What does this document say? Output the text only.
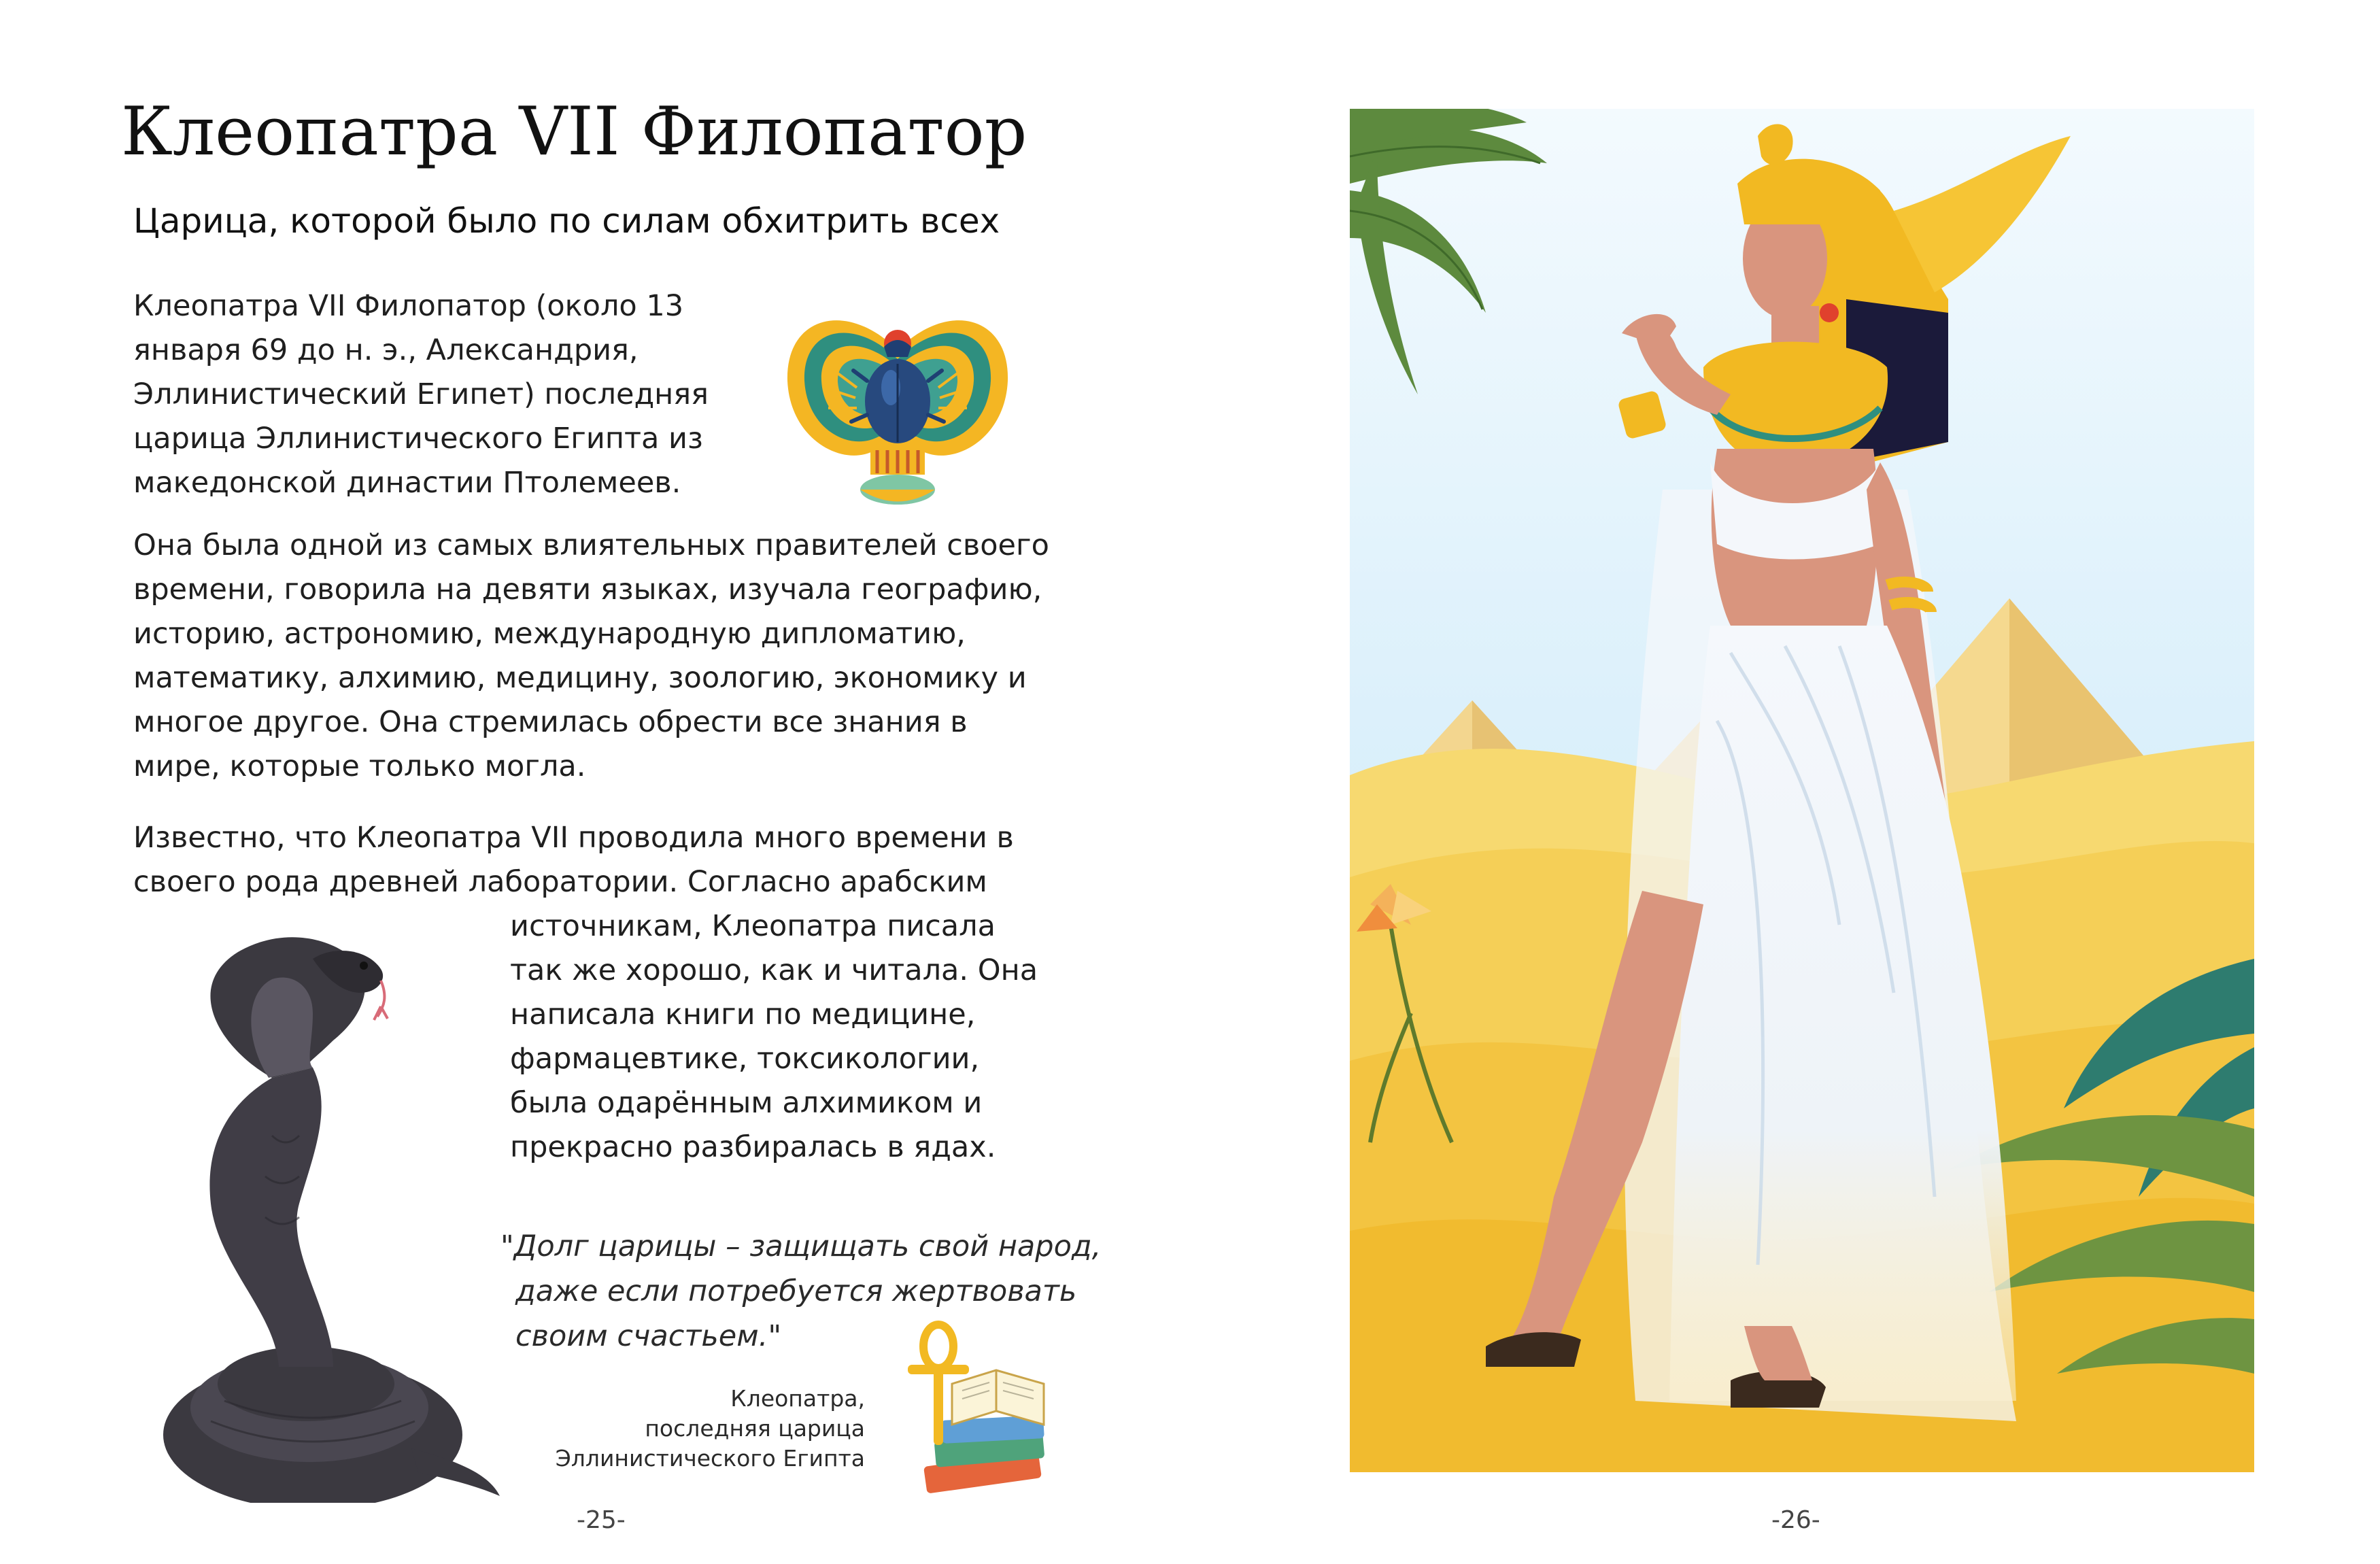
Клеопатра VII Филопатор
Царица, которой было по силам обхитрить всех
Клеопатра VII Филопатор (около 13
января 69 до н. э., Александрия,
Эллинистический Египет) последняя
царица Эллинистического Египта из
македонской династии Птолемеев.
Она была одной из самых влиятельных правителей своего
времени, говорила на девяти языках, изучала географию,
историю, астрономию, международную дипломатию,
математику, алхимию, медицину, зоологию, экономику и
многое другое. Она стремилась обрести все знания в
мире, которые только могла.
Известно, что Клеопатра VII проводила много времени в
своего рода древней лаборатории. Согласно арабским
источникам, Клеопатра писала
так же хорошо, как и читала. Она
написала книги по медицине,
фармацевтике, токсикологии,
была одарённым алхимиком и
прекрасно разбиралась в ядах.
"Долг царицы – защищать свой народ,
даже если потребуется жертвовать
своим счастьем."
Клеопатра,
последняя царица
Эллинистического Египта
-25-	-26-
